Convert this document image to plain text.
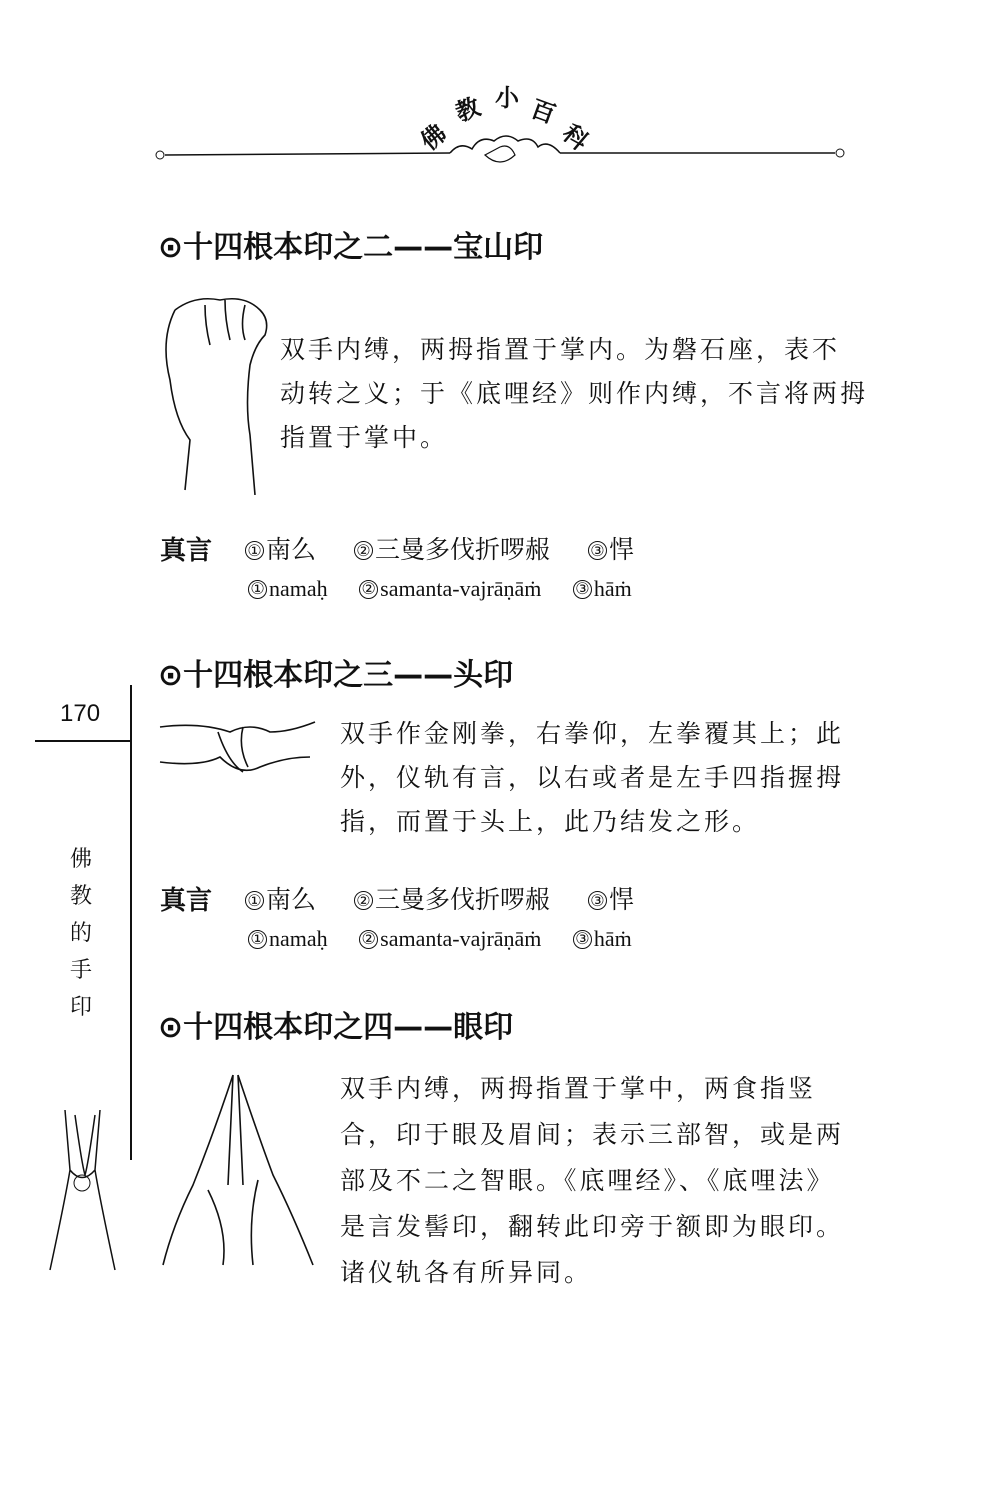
佛
教 小 百
科
170
佛
教
的
手
印
⊙十四根本印之二——宝山印
双手内缚，两拇指置于掌内。为磐石座，表不
动转之义；于《底哩经》则作内缚，不言将两拇
指置于掌中。
真言 ① 南么	② 三曼多伐折啰赧	③ 悍
① namaḥ ② samanta-vajrāṇāṁ ③ hāṁ
⊙十四根本印之三——头印
双手作金刚拳，右拳仰，左拳覆其上；此
外，仪轨有言，以右或者是左手四指握拇
指，而置于头上，此乃结发之形。
真言 ① 南么	② 三曼多伐折啰赧	③ 悍
① namaḥ ② samanta-vajrāṇāṁ ③ hāṁ
⊙十四根本印之四——眼印
双手内缚，两拇指置于掌中，两食指竖
合，印于眼及眉间；表示三部智，或是两
部及不二之智眼。《底哩经》、《底哩法》
是言发髻印，翻转此印旁于额即为眼印。
诸仪轨各有所异同。
